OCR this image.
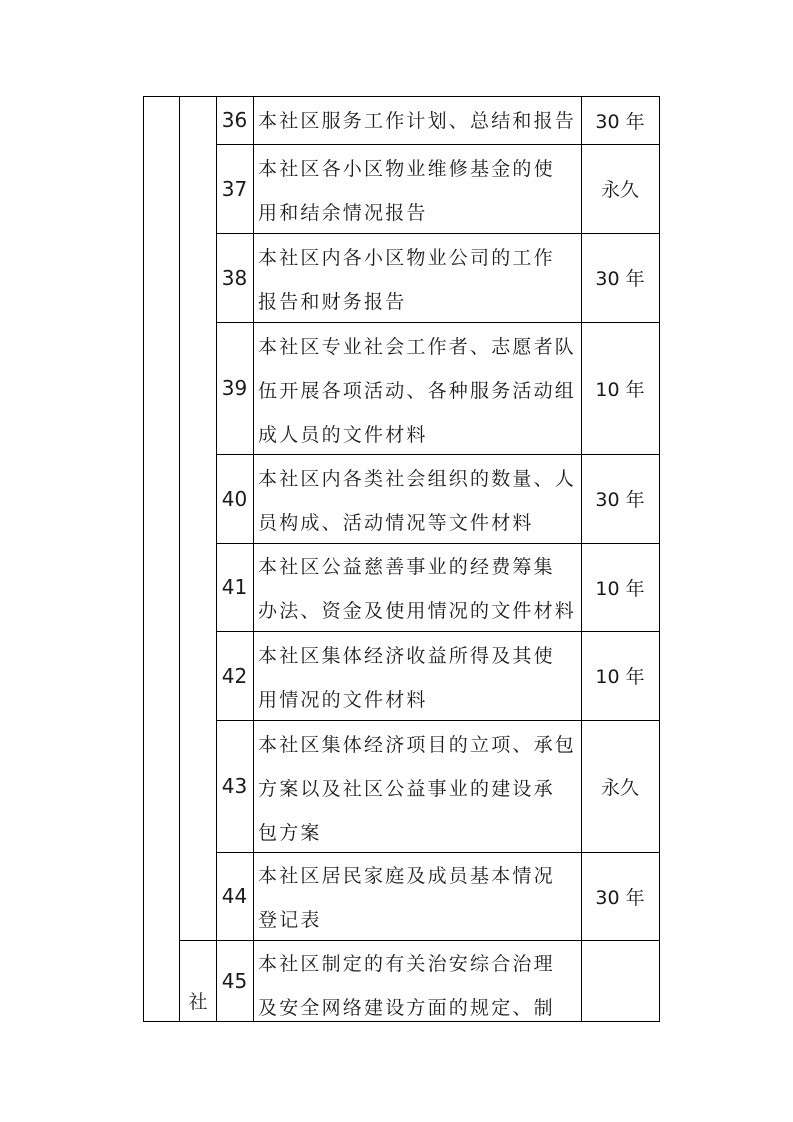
36 本社区服务工作计划、总结和报告	30 年
37
本社区各小区物业维修基金的使
用和结余情况报告
永久
38
本社区内各小区物业公司的工作
报告和财务报告
30 年
39
本社区专业社会工作者、志愿者队
伍开展各项活动、各种服务活动组
成人员的文件材料
10 年
40
本社区内各类社会组织的数量、人
员构成、活动情况等文件材料
30 年
41
本社区公益慈善事业的经费筹集
办法、资金及使用情况的文件材料
10 年
42
本社区集体经济收益所得及其使
用情况的文件材料
10 年
43
本社区集体经济项目的立项、承包
方案以及社区公益事业的建设承
包方案
永久
44
本社区居民家庭及成员基本情况
登记表
30 年
45
本社区制定的有关治安综合治理
及安全网络建设方面的规定、制
社
